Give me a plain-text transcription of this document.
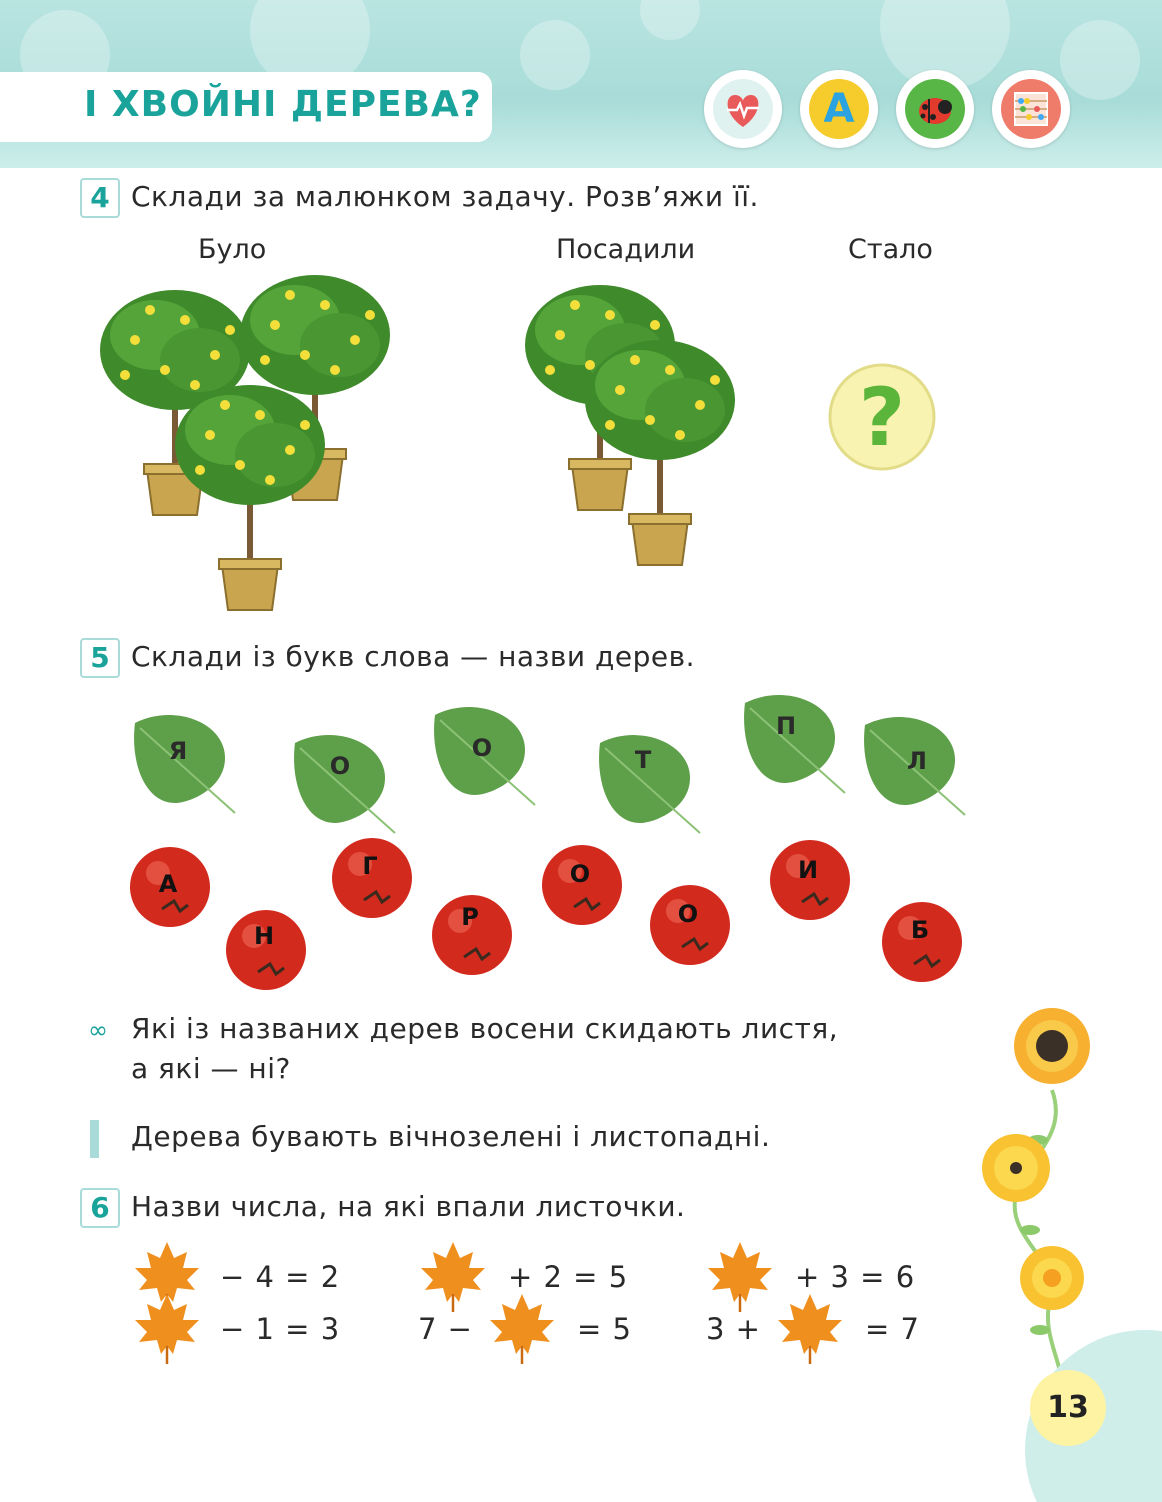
І ХВОЙНІ ДЕРЕВА?	А
4 Склади за малюнком задачу. Розв’яжи її.
Було	Посадили	Стало
?
5 Склади із букв слова — назви дерев.
Я
О
О	Т
П
Л
А
Н
Г
Р
О
О
И
Б
∞ Які із названих дерев восени скидають листя,
а які — ні?
Дерева бувають вічнозелені і листопадні.
6 Назви числа, на які впали листочки.
− 4 = 2
− 1 = 3
+ 2 = 5
7 −	= 5
+ 3 = 6
3 +	= 7
13
